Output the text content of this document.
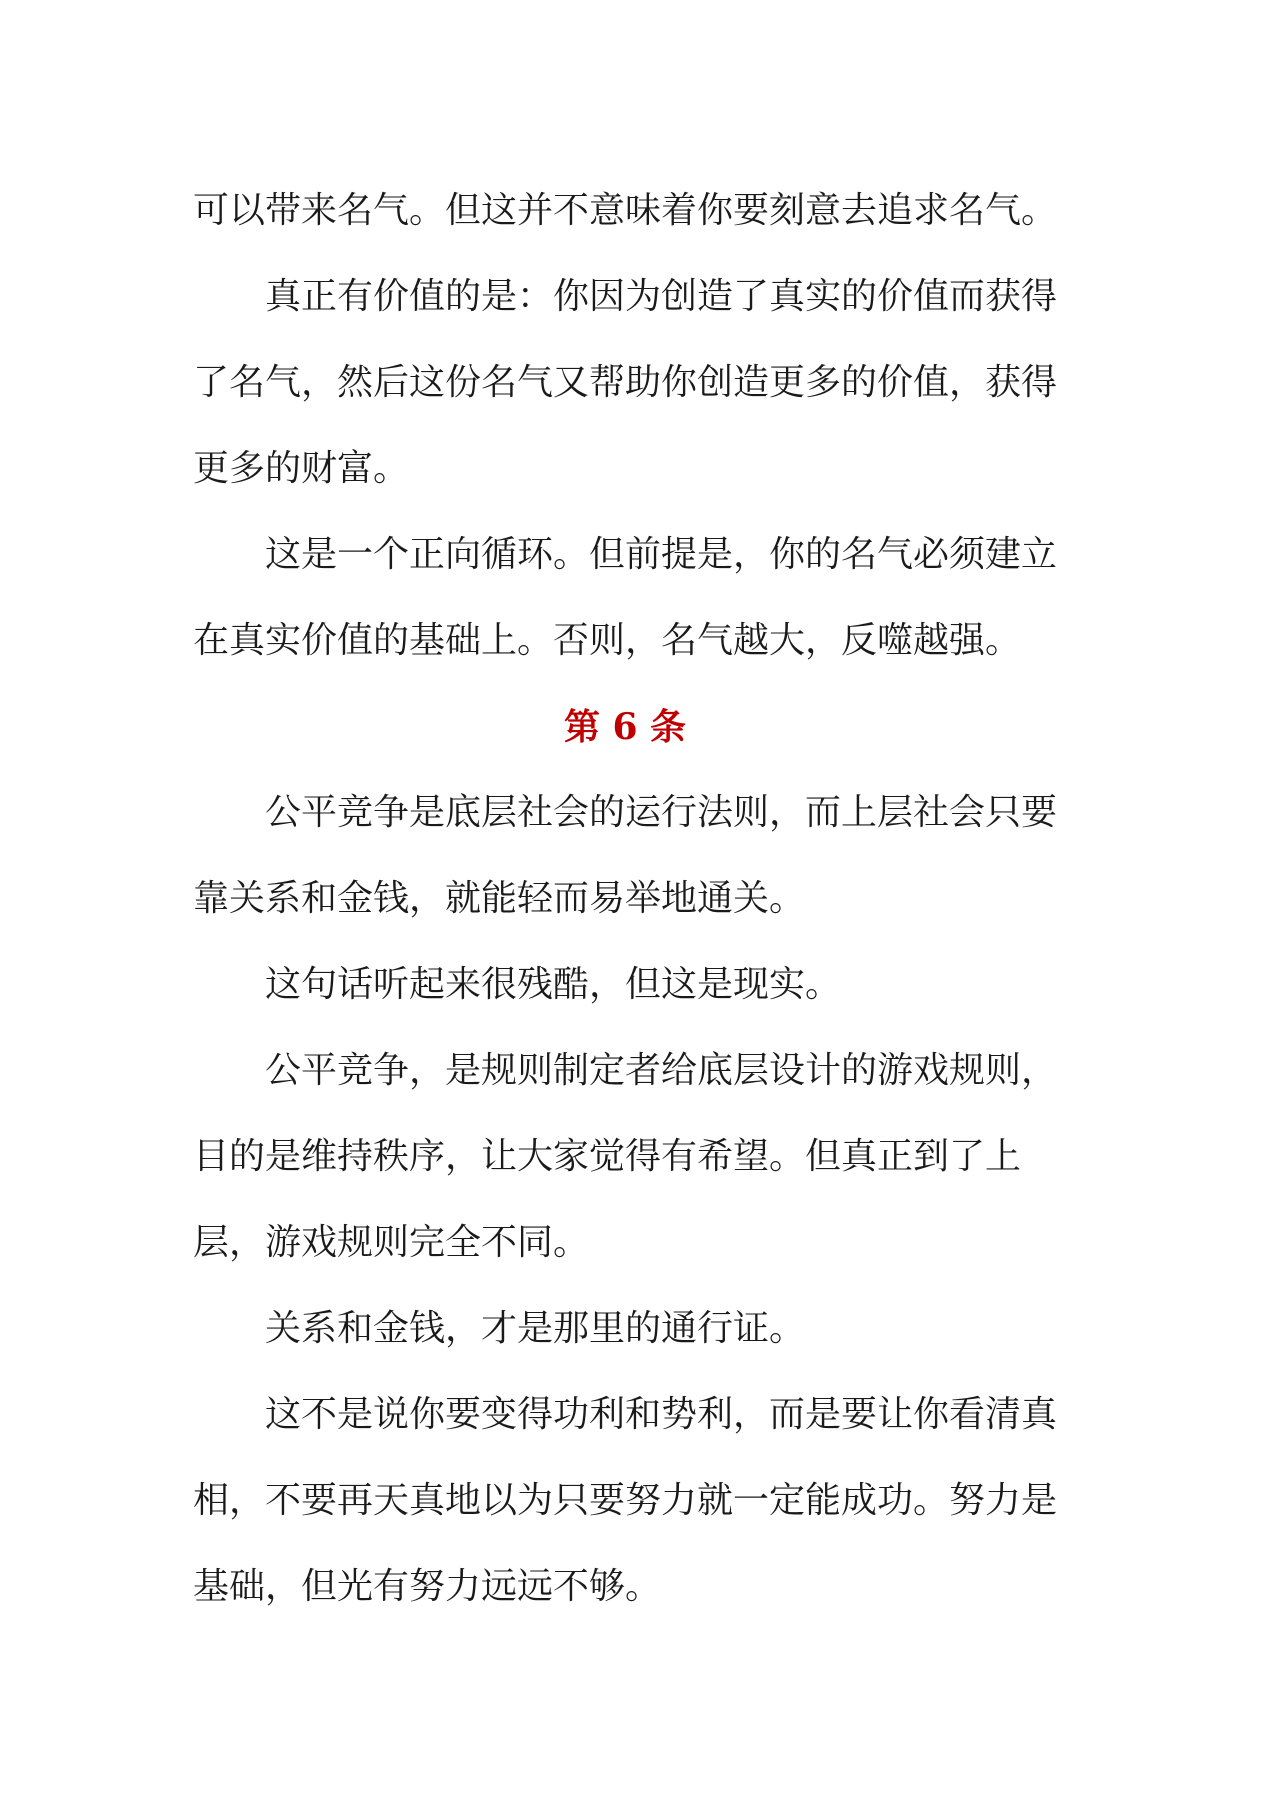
可以带来名气。但这并不意味着你要刻意去追求名气。

真正有价值的是：你因为创造了真实的价值而获得了名气，然后这份名气又帮助你创造更多的价值，获得更多的财富。

这是一个正向循环。但前提是，你的名气必须建立在真实价值的基础上。否则，名气越大，反噬越强。

第 6 条

公平竞争是底层社会的运行法则，而上层社会只要靠关系和金钱，就能轻而易举地通关。

这句话听起来很残酷，但这是现实。

公平竞争，是规则制定者给底层设计的游戏规则，目的是维持秩序，让大家觉得有希望。但真正到了上层，游戏规则完全不同。

关系和金钱，才是那里的通行证。

这不是说你要变得功利和势利，而是要让你看清真相，不要再天真地以为只要努力就一定能成功。努力是基础，但光有努力远远不够。
